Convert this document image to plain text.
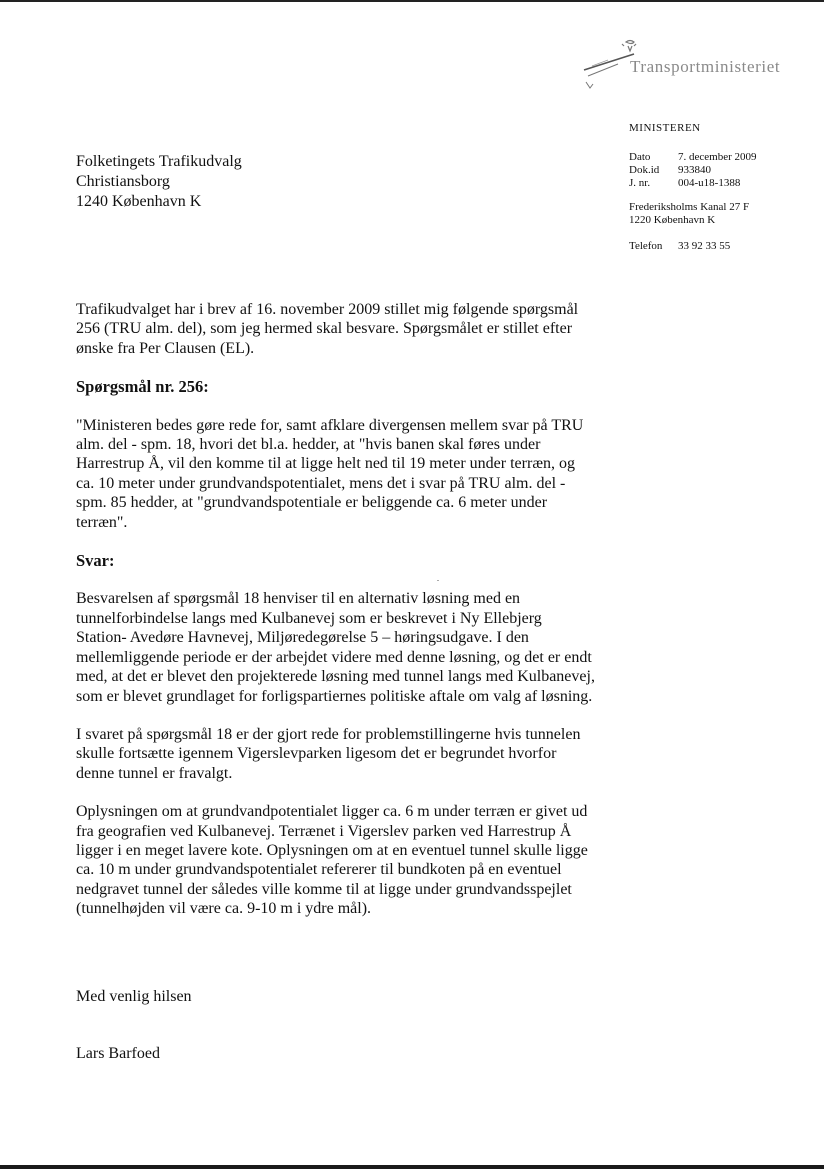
Transportministeriet
MINISTEREN
Dato	7. december 2009
Dok.id 933840
J. nr.	004-u18-1388
Frederiksholms Kanal 27 F
1220 København K
Telefon 33 92 33 55
Folketingets Trafikudvalg
Christiansborg
1240 København K

Trafikudvalget har i brev af 16. november 2009 stillet mig følgende spørgsmål 256 (TRU alm. del), som jeg hermed skal besvare. Spørgsmålet er stillet efter ønske fra Per Clausen (EL).

Spørgsmål nr. 256:

"Ministeren bedes gøre rede for, samt afklare divergensen mellem svar på TRU alm. del - spm. 18, hvori det bl.a. hedder, at "hvis banen skal føres under Harrestrup Å, vil den komme til at ligge helt ned til 19 meter under terræn, og ca. 10 meter under grundvandspotentialet, mens det i svar på TRU alm. del - spm. 85 hedder, at "grundvandspotentiale er beliggende ca. 6 meter under terræn".

Svar:

Besvarelsen af spørgsmål 18 henviser til en alternativ løsning med en tunnelforbindelse langs med Kulbanevej som er beskrevet i Ny Ellebjerg Station- Avedøre Havnevej, Miljøredegørelse 5 – høringsudgave. I den mellemliggende periode er der arbejdet videre med denne løsning, og det er endt med, at det er blevet den projekterede løsning med tunnel langs med Kulbanevej, som er blevet grundlaget for forligspartiernes politiske aftale om valg af løsning.

I svaret på spørgsmål 18 er der gjort rede for problemstillingerne hvis tunnelen skulle fortsætte igennem Vigerslevparken ligesom det er begrundet hvorfor denne tunnel er fravalgt.

Oplysningen om at grundvandpotentialet ligger ca. 6 m under terræn er givet ud fra geografien ved Kulbanevej. Terrænet i Vigerslev parken ved Harrestrup Å ligger i en meget lavere kote. Oplysningen om at en eventuel tunnel skulle ligge ca. 10 m under grundvandspotentialet refererer til bundkoten på en eventuel nedgravet tunnel der således ville komme til at ligge under grundvandsspejlet (tunnelhøjden vil være ca. 9-10 m i ydre mål).

Med venlig hilsen
Lars Barfoed
